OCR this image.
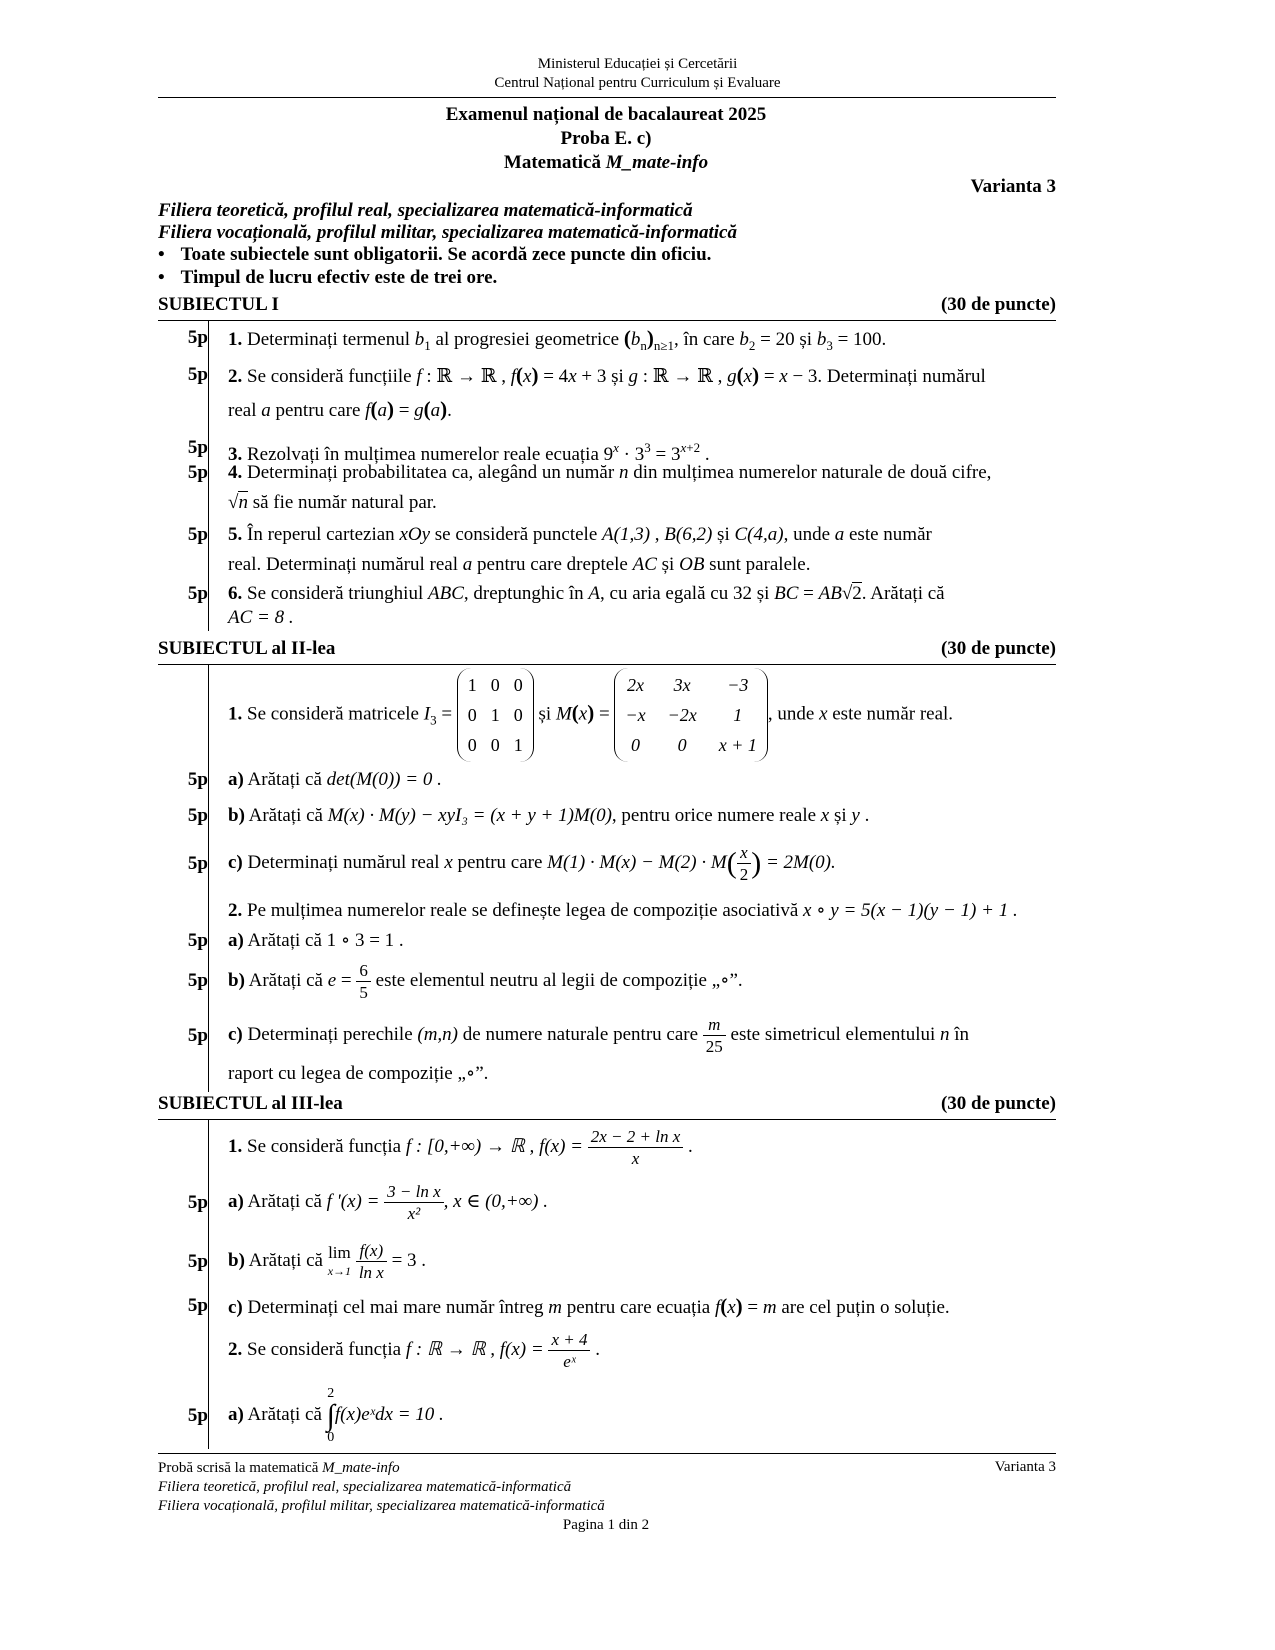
Ministerul Educației și Cercetării
Centrul Național pentru Curriculum și Evaluare
Examenul național de bacalaureat 2025
Proba E. c)
Matematică M_mate-info
Varianta 3
Filiera teoretică, profilul real, specializarea matematică-informatică
Filiera vocațională, profilul militar, specializarea matematică-informatică
• Toate subiectele sunt obligatorii. Se acordă zece puncte din oficiu.
• Timpul de lucru efectiv este de trei ore.
SUBIECTUL I	(30 de puncte)
5p 1. Determinați termenul $b_1$ al progresiei geometrice $(b_n)_{n\ge 1}$, în care $b_2 = 20$ și $b_3 = 100$.
5p 2. Se consideră funcțiile f : ℝ → ℝ , f(x) = 4x + 3 și g : ℝ → ℝ , g(x) = x − 3. Determinați numărul
real a pentru care f(a) = g(a).
5p 3. Rezolvați în mulțimea numerelor reale ecuația $9^x \cdot 3^3 = 3^{x+2}$ .
5p 4. Determinați probabilitatea ca, alegând un număr n din mulțimea numerelor naturale de două cifre,
√n să fie număr natural par.
5p 5. În reperul cartezian xOy se consideră punctele A(1,3) , B(6,2) și C(4,a), unde a este număr
real. Determinați numărul real a pentru care dreptele AC și OB sunt paralele.
5p 6. Se consideră triunghiul ABC, dreptunghic în A, cu aria egală cu 32 și BC = AB√2. Arătați că
AC = 8 .
SUBIECTUL al II-lea	(30 de puncte)
1. Se consideră matricele $I_3$ =
1 0 0
0 1 0
0 0 1
și M(x) =
2x	3x	−3
−x −2x	1
0	0	x + 1
, unde x este număr real.
5p a) Arătați că det(M(0)) = 0 .
5p b) Arătați că M(x) · M(y) − xyI₃ = (x + y + 1)M(0), pentru orice numere reale x și y .
5p c) Determinați numărul real x pentru care $M(1) \cdot M(x) - M(2) \cdot M( \frac{x}{2}$ ) = 2M(0).
2. Pe mulțimea numerelor reale se definește legea de compoziție asociativă x ∘ y = 5(x − 1)(y − 1) + 1 .
5p a) Arătați că 1 ∘ 3 = 1 .
5p b) Arătați că $e = \frac{6}{5}$ este elementul neutru al legii de compoziție „∘”.
5p c) Determinați perechile (m,n) de numere naturale pentru care $\frac{m}{25}$ este simetricul elementului n în
raport cu legea de compoziție „∘”.
SUBIECTUL al III-lea	(30 de puncte)
1. Se consideră funcția f : [0,+∞) → ℝ , $f(x) = \frac{\text{2x − 2 + ln x}}{x}$ .
5p a) Arătați că f '$(x) = \frac{\text{3 − ln x}}{\text{x²}}$ , x ∈ (0,+∞) .
5p b) Arătați că lim
x→1
$\frac{f(x)}{\text{ln x}} = 3$ .
5p c) Determinați cel mai mare număr întreg m pentru care ecuația f(x) = m are cel puțin o soluție.
2. Se consideră funcția f : ℝ → ℝ , $f(x) = \frac{x + 4}{\text{eˣ}}$ .
5p a) Arătați că 2
∫
0f(x)eˣdx = 10 .
Probă scrisă la matematică M_mate-info	Varianta 3
Filiera teoretică, profilul real, specializarea matematică-informatică
Filiera vocațională, profilul militar, specializarea matematică-informatică
Pagina 1 din 2
